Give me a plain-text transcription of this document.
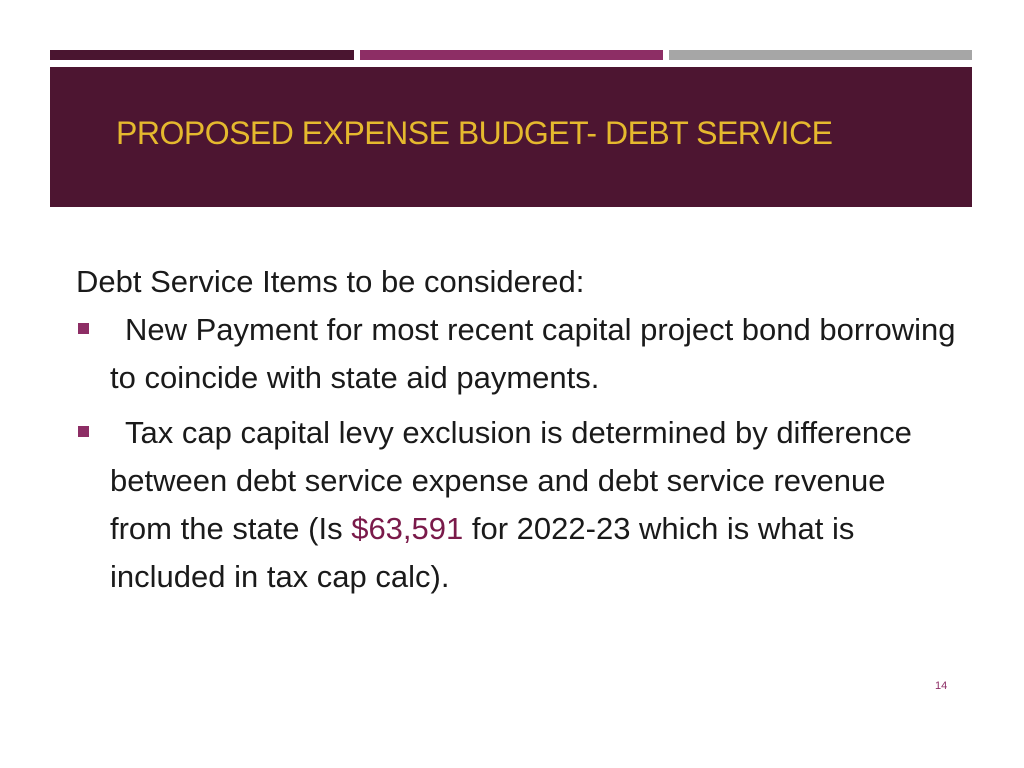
PROPOSED EXPENSE BUDGET- DEBT SERVICE

Debt Service Items to be considered:

New Payment for most recent capital project bond borrowing to coincide with state aid payments.
Tax cap capital levy exclusion is determined by difference between debt service expense and debt service revenue from the state (Is $63,591 for 2022-23 which is what is included in tax cap calc).
14
